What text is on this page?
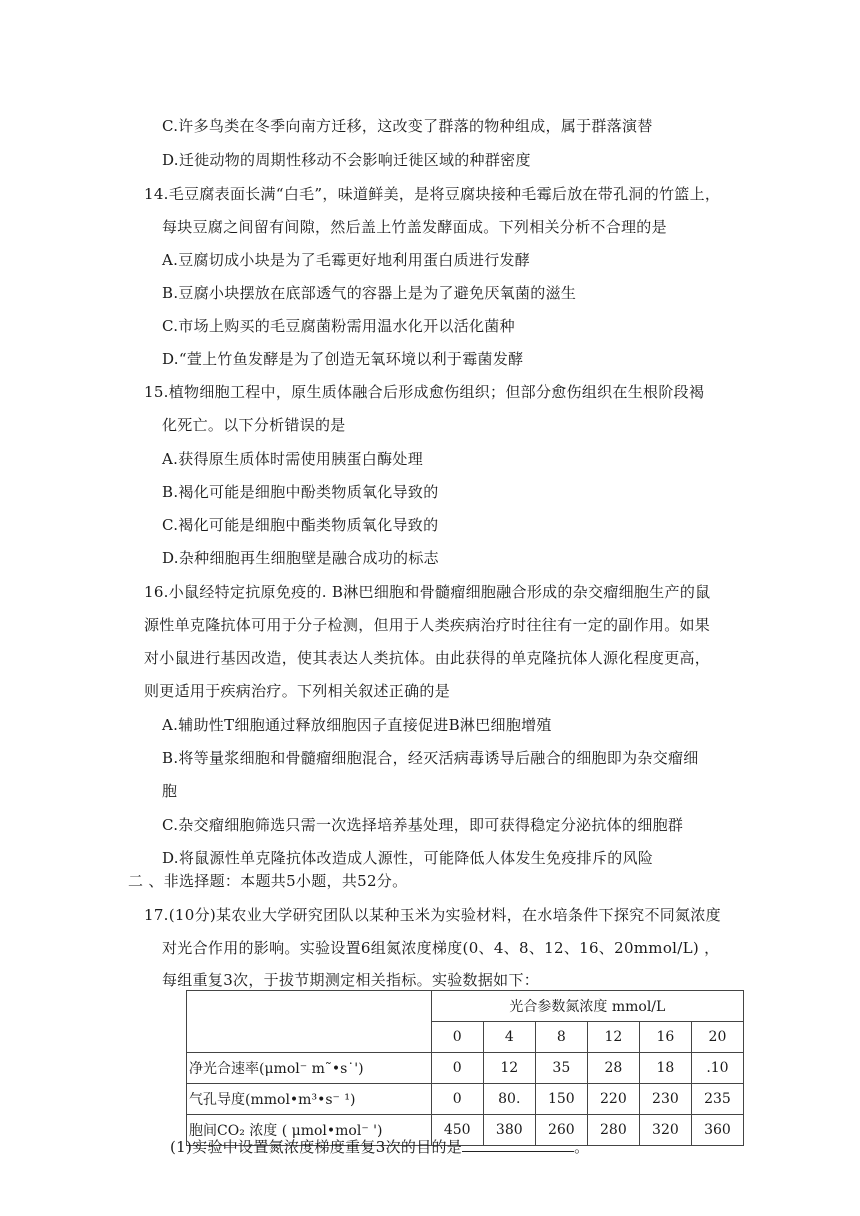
C.许多鸟类在冬季向南方迁移，这改变了群落的物种组成，属于群落演替
D.迁徙动物的周期性移动不会影响迁徙区域的种群密度
14.毛豆腐表面长满“白毛”，味道鲜美，是将豆腐块接种毛霉后放在带孔洞的竹篮上，
每块豆腐之间留有间隙，然后盖上竹盖发酵面成。下列相关分析不合理的是
A.豆腐切成小块是为了毛霉更好地利用蛋白质进行发酵
B.豆腐小块摆放在底部透气的容器上是为了避免厌氧菌的滋生
C.市场上购买的毛豆腐菌粉需用温水化开以活化菌种
D.“萱上竹鱼发酵是为了创造无氧环境以利于霉菌发酵
15.植物细胞工程中，原生质体融合后形成愈伤组织；但部分愈伤组织在生根阶段褐
化死亡。以下分析错误的是
A.获得原生质体时需使用胰蛋白酶处理
B.褐化可能是细胞中酚类物质氧化导致的
C.褐化可能是细胞中酯类物质氧化导致的
D.杂种细胞再生细胞壁是融合成功的标志
16.小鼠经特定抗原免疫的. B淋巴细胞和骨髓瘤细胞融合形成的杂交瘤细胞生产的鼠
源性单克隆抗体可用于分子检测，但用于人类疾病治疗时往往有一定的副作用。如果
对小鼠进行基因改造，使其表达人类抗体。由此获得的单克隆抗体人源化程度更高，
则更适用于疾病治疗。下列相关叙述正确的是
A.辅助性T细胞通过释放细胞因子直接促进B淋巴细胞增殖
B.将等量浆细胞和骨髓瘤细胞混合，经灭活病毒诱导后融合的细胞即为杂交瘤细
胞
C.杂交瘤细胞筛选只需一次选择培养基处理，即可获得稳定分泌抗体的细胞群
D.将鼠源性单克隆抗体改造成人源性，可能降低人体发生免疫排斥的风险
二 、非选择题：本题共5小题，共52分。
17.(10分)某农业大学研究团队以某种玉米为实验材料，在水培条件下探究不同氮浓度
对光合作用的影响。实验设置6组氮浓度梯度(0、4、8、12、16、20mmol/L) ，
每组重复3次，于拔节期测定相关指标。实验数据如下：
	光合参数氮浓度 mmol/L					
	0	4	8	12	16	20
净光合速率(μmol⁻ m˜•s˙')	0	12	35	28	18	.10
气孔导度(mmol•m³•s⁻ ¹)	0	80.	150	220	230	235
胞间CO₂ 浓度 ( μmol•mol⁻ ')	450	380	260	280	320	360
(1)实验中设置氮浓度梯度重复3次的目的是	。
